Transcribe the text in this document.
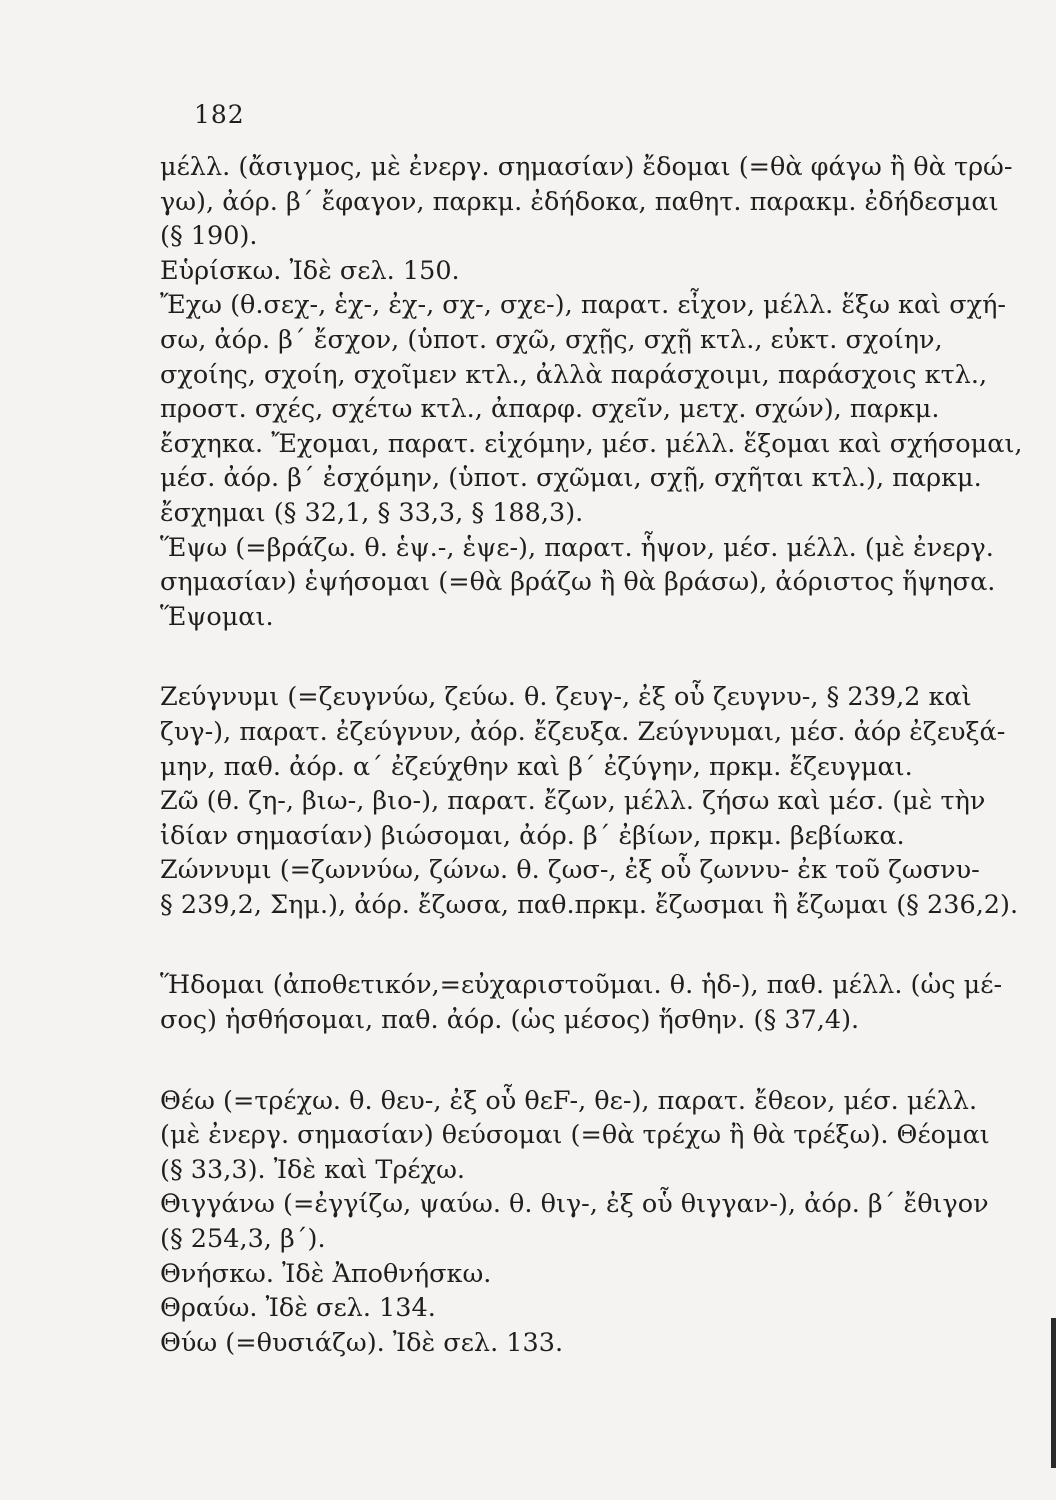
182
μέλλ. (ἄσιγμος, μὲ ἐνεργ. σημασίαν) ἔδομαι (=θὰ φάγω ἢ θὰ τρώ-
γω), ἀόρ. β΄ ἔφαγον, παρκμ. ἐδήδοκα, παθητ. παρακμ. ἐδήδεσμαι
(§ 190).
Εὑρίσκω. Ἰδὲ σελ. 150.
Ἔχω (θ.σεχ-, ἑχ-, ἐχ-, σχ-, σχε-), παρατ. εἶχον, μέλλ. ἕξω καὶ σχή-
σω, ἀόρ. β΄ ἔσχον, (ὑποτ. σχῶ, σχῇς, σχῇ κτλ., εὐκτ. σχοίην,
σχοίης, σχοίη, σχοῖμεν κτλ., ἀλλὰ παράσχοιμι, παράσχοις κτλ.,
προστ. σχές, σχέτω κτλ., ἀπαρφ. σχεῖν, μετχ. σχών), παρκμ.
ἔσχηκα. Ἔχομαι, παρατ. εἰχόμην, μέσ. μέλλ. ἕξομαι καὶ σχήσομαι,
μέσ. ἀόρ. β΄ ἐσχόμην, (ὑποτ. σχῶμαι, σχῇ, σχῆται κτλ.), παρκμ.
ἔσχημαι (§ 32,1, § 33,3, § 188,3).
Ἕψω (=βράζω. θ. ἑψ.-, ἑψε-), παρατ. ἧψον, μέσ. μέλλ. (μὲ ἐνεργ.
σημασίαν) ἑψήσομαι (=θὰ βράζω ἢ θὰ βράσω), ἀόριστος ἥψησα.
Ἕψομαι.
Ζεύγνυμι (=ζευγνύω, ζεύω. θ. ζευγ-, ἐξ οὗ ζευγνυ-, § 239,2 καὶ
ζυγ-), παρατ. ἐζεύγνυν, ἀόρ. ἔζευξα. Ζεύγνυμαι, μέσ. ἀόρ ἐζευξά-
μην, παθ. ἀόρ. α΄ ἐζεύχθην καὶ β΄ ἐζύγην, πρκμ. ἔζευγμαι.
Ζῶ (θ. ζη-, βιω-, βιο-), παρατ. ἔζων, μέλλ. ζήσω καὶ μέσ. (μὲ τὴν
ἰδίαν σημασίαν) βιώσομαι, ἀόρ. β΄ ἐβίων, πρκμ. βεβίωκα.
Ζώννυμι (=ζωννύω, ζώνω. θ. ζωσ-, ἐξ οὗ ζωννυ- ἐκ τοῦ ζωσνυ-
§ 239,2, Σημ.), ἀόρ. ἔζωσα, παθ.πρκμ. ἔζωσμαι ἢ ἔζωμαι (§ 236,2).
Ἥδομαι (ἀποθετικόν,=εὐχαριστοῦμαι. θ. ἡδ-), παθ. μέλλ. (ὡς μέ-
σος) ἡσθήσομαι, παθ. ἀόρ. (ὡς μέσος) ἥσθην. (§ 37,4).
Θέω (=τρέχω. θ. θευ-, ἐξ οὗ θεF-, θε-), παρατ. ἔθεον, μέσ. μέλλ.
(μὲ ἐνεργ. σημασίαν) θεύσομαι (=θὰ τρέχω ἢ θὰ τρέξω). Θέομαι
(§ 33,3). Ἰδὲ καὶ Τρέχω.
Θιγγάνω (=ἐγγίζω, ψαύω. θ. θιγ-, ἐξ οὗ θιγγαν-), ἀόρ. β΄ ἔθιγον
(§ 254,3, β΄).
Θνήσκω. Ἰδὲ Ἀποθνήσκω.
Θραύω. Ἰδὲ σελ. 134.
Θύω (=θυσιάζω). Ἰδὲ σελ. 133.
